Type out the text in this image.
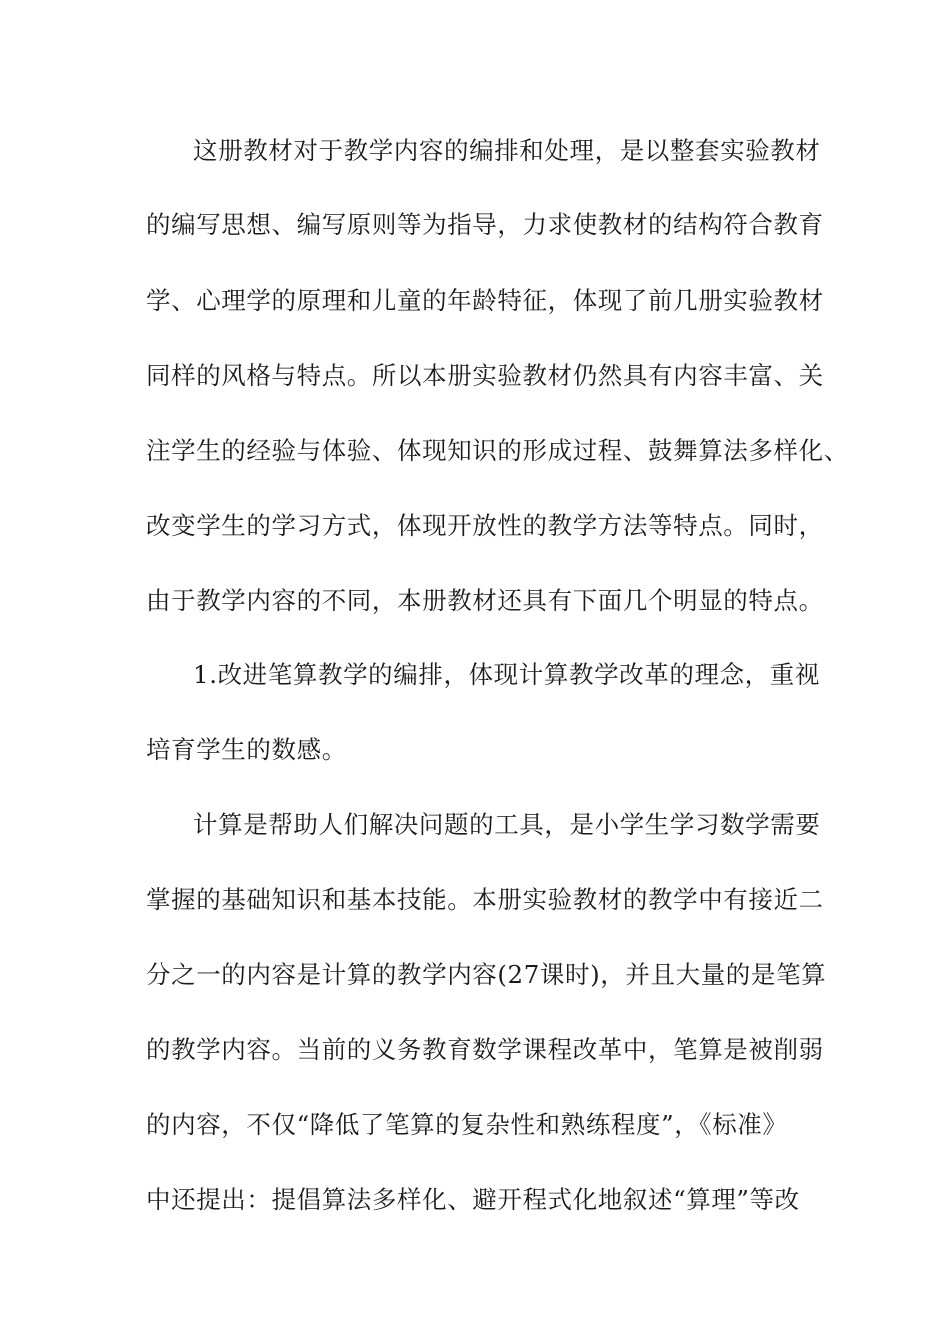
这册教材对于教学内容的编排和处理，是以整套实验教材
的编写思想、编写原则等为指导，力求使教材的结构符合教育
学、心理学的原理和儿童的年龄特征，体现了前几册实验教材
同样的风格与特点。所以本册实验教材仍然具有内容丰富、关
注学生的经验与体验、体现知识的形成过程、鼓舞算法多样化、
改变学生的学习方式，体现开放性的教学方法等特点。同时，
由于教学内容的不同，本册教材还具有下面几个明显的特点。
1.改进笔算教学的编排，体现计算教学改革的理念，重视
培育学生的数感。
计算是帮助人们解决问题的工具，是小学生学习数学需要
掌握的基础知识和基本技能。本册实验教材的教学中有接近二
分之一的内容是计算的教学内容(27课时)，并且大量的是笔算
的教学内容。当前的义务教育数学课程改革中，笔算是被削弱
的内容，不仅“降低了笔算的复杂性和熟练程度”，《标准》
中还提出：提倡算法多样化、避开程式化地叙述“算理”等改
